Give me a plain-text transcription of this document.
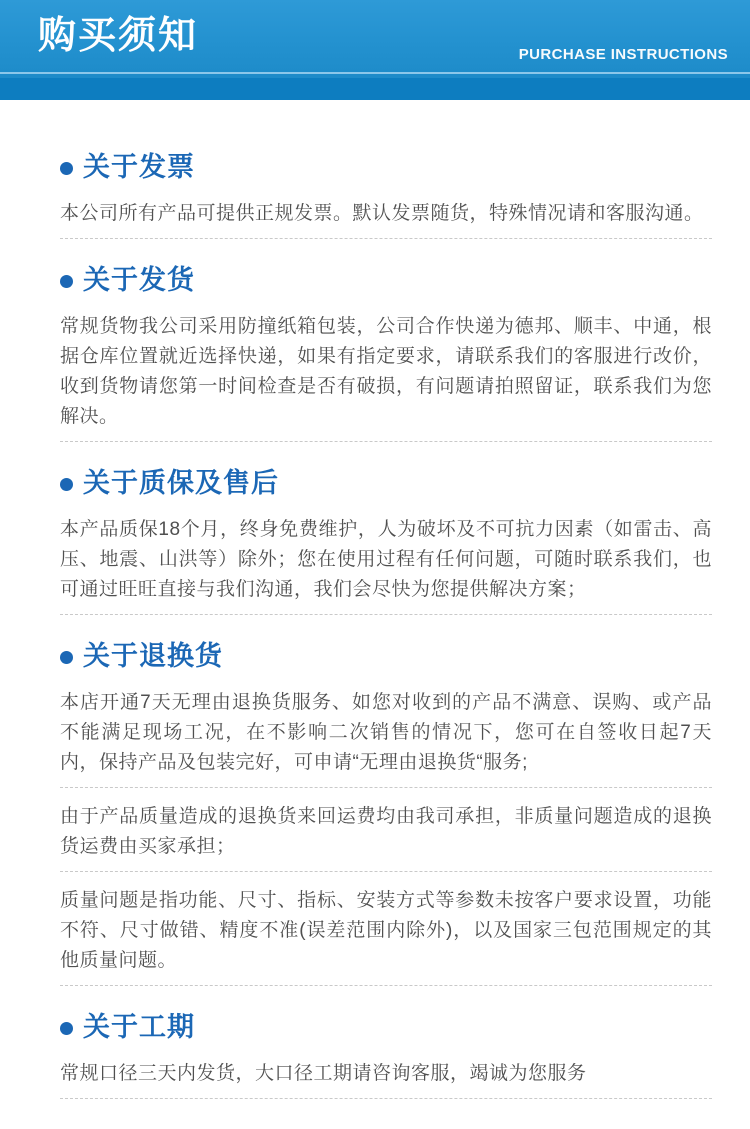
购买须知	PURCHASE INSTRUCTIONS
关于发票

本公司所有产品可提供正规发票。默认发票随货，特殊情况请和客服沟通。

关于发货

常规货物我公司采用防撞纸箱包装，公司合作快递为德邦、顺丰、中通，根据仓库位置就近选择快递，如果有指定要求，请联系我们的客服进行改价，收到货物请您第一时间检查是否有破损，有问题请拍照留证，联系我们为您解决。

关于质保及售后

本产品质保18个月，终身免费维护，人为破坏及不可抗力因素（如雷击、高压、地震、山洪等）除外；您在使用过程有任何问题，可随时联系我们，也可通过旺旺直接与我们沟通，我们会尽快为您提供解决方案；

关于退换货

本店开通7天无理由退换货服务、如您对收到的产品不满意、误购、或产品不能满足现场工况，在不影响二次销售的情况下，您可在自签收日起7天内，保持产品及包装完好，可申请“无理由退换货“服务;

由于产品质量造成的退换货来回运费均由我司承担，非质量问题造成的退换货运费由买家承担；

质量问题是指功能、尺寸、指标、安装方式等参数未按客户要求设置，功能不符、尺寸做错、精度不准(误差范围内除外)，以及国家三包范围规定的其他质量问题。

关于工期

常规口径三天内发货，大口径工期请咨询客服，竭诚为您服务
